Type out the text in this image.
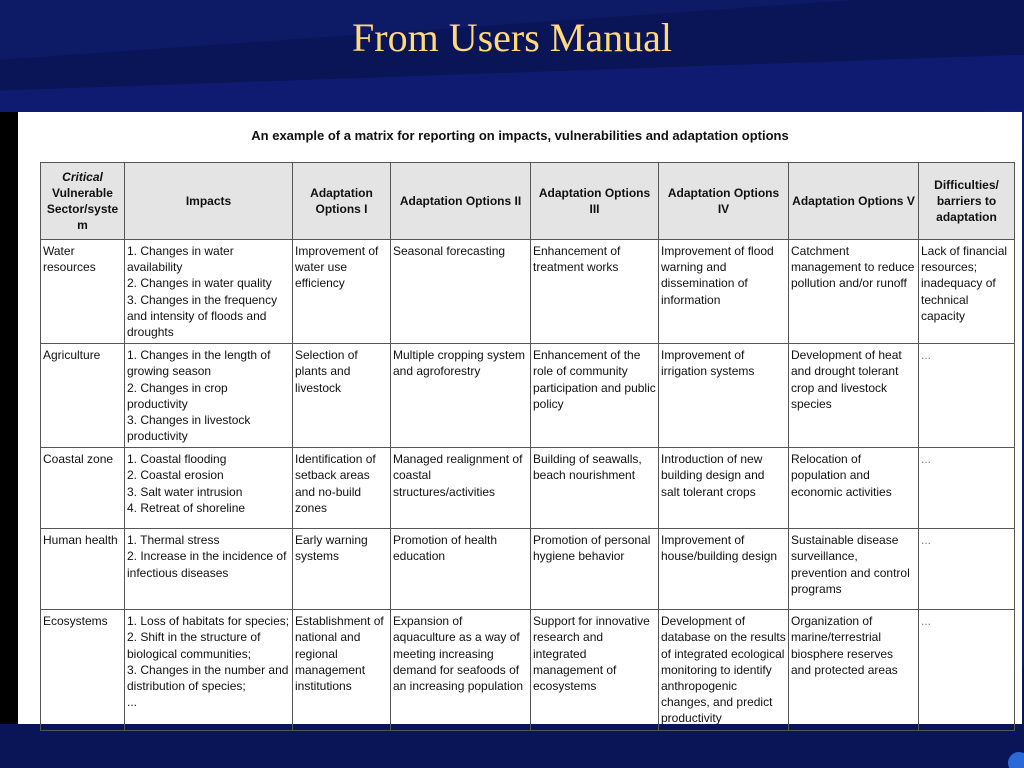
From Users Manual
An example of a matrix for reporting on impacts, vulnerabilities and adaptation options
Critical
Vulnerable Sector/syste m	Impacts	Adaptation Options I	Adaptation Options II	Adaptation Options III	Adaptation Options IV	Adaptation Options V	Difficulties/ barriers to adaptation
Water resources	1. Changes in water availability
2. Changes in water quality
3. Changes in the frequency and intensity of floods and droughts	Improvement of water use efficiency	Seasonal forecasting	Enhancement of treatment works	Improvement of flood warning and dissemination of information	Catchment management to reduce pollution and/or runoff	Lack of financial resources; inadequacy of technical capacity
Agriculture	1. Changes in the length of growing season
2. Changes in crop productivity
3. Changes in livestock productivity	Selection of plants and livestock	Multiple cropping system and agroforestry	Enhancement of the role of community participation and public policy	Improvement of irrigation systems	Development of heat and drought tolerant crop and livestock species	...
Coastal zone	1. Coastal flooding
2. Coastal erosion
3. Salt water intrusion
4. Retreat of shoreline	Identification of setback areas and no-build zones	Managed realignment of coastal structures/activities	Building of seawalls, beach nourishment	Introduction of new building design and salt tolerant crops	Relocation of population and economic activities	...
Human health	1. Thermal stress
2. Increase in the incidence of infectious diseases	Early warning systems	Promotion of health education	Promotion of personal hygiene behavior	Improvement of house/building design	Sustainable disease surveillance, prevention and control programs	...
Ecosystems	1. Loss of habitats for species;
2. Shift in the structure of biological communities;
3. Changes in the number and distribution of species;
...	Establishment of national and regional management institutions	Expansion of aquaculture as a way of meeting increasing demand for seafoods of an increasing population	Support for innovative research and integrated management of ecosystems	Development of database on the results of integrated ecological monitoring to identify anthropogenic changes, and predict productivity	Organization of marine/terrestrial biosphere reserves and protected areas	...
